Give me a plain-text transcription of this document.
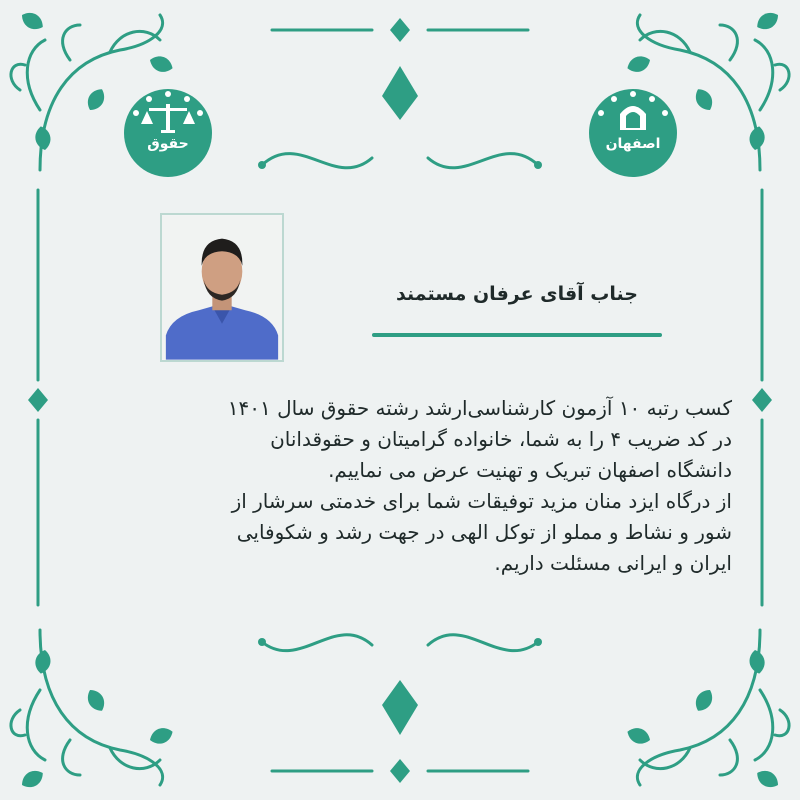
حقوق	اصفهان
جناب آقای عرفان مستمند
کسب رتبه ۱۰ آزمون کارشناسی‌ارشد رشته حقوق سال ۱۴۰۱
در کد ضریب ۴ را به شما، خانواده گرامیتان و حقوقدانان
دانشگاه اصفهان تبریک و تهنیت عرض می نماییم.
از درگاه ایزد منان مزید توفیقات شما برای خدمتی سرشار از
شور و نشاط و مملو از توکل الهی در جهت رشد و شکوفایی
ایران و ایرانی مسئلت داریم.
